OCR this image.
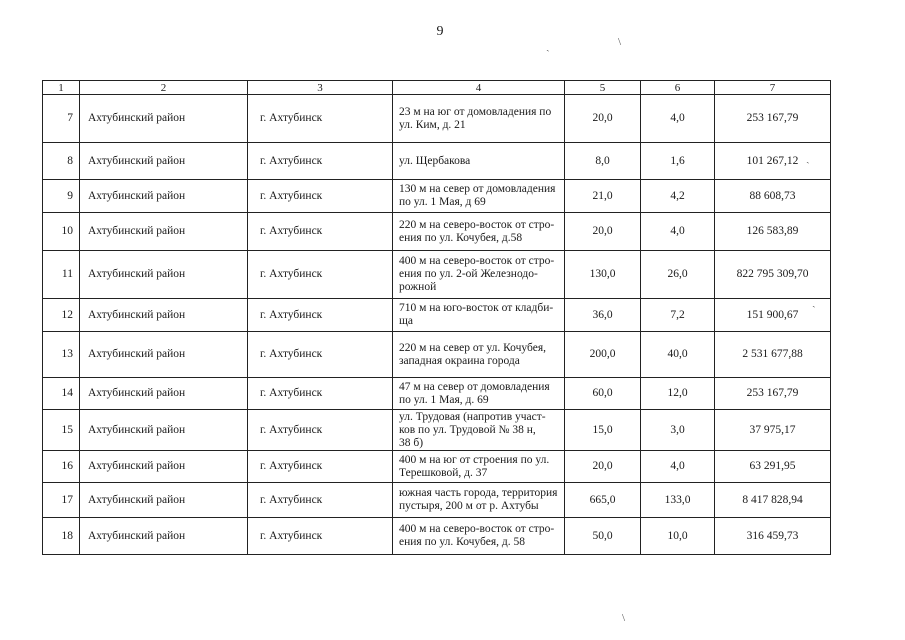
9
ˏ	\
ˏ
ˏ
\
1	2	3	4	5	6	7
7	Ахтубинский район	г. Ахтубинск	23 м на юг от домовладения по
ул. Ким, д. 21	20,0	4,0	253 167,79
8	Ахтубинский район	г. Ахтубинск	ул. Щербакова	8,0	1,6	101 267,12
9	Ахтубинский район	г. Ахтубинск	130 м на север от домовладения
по ул. 1 Мая, д 69	21,0	4,2	88 608,73
10	Ахтубинский район	г. Ахтубинск	220 м на северо-восток от стро-
ения по ул. Кочубея, д.58	20,0	4,0	126 583,89
11	Ахтубинский район	г. Ахтубинск	400 м на северо-восток от стро-
ения по ул. 2-ой Железнодо-
рожной	130,0	26,0	822 795 309,70
12	Ахтубинский район	г. Ахтубинск	710 м на юго-восток от кладби-
ща	36,0	7,2	151 900,67
13	Ахтубинский район	г. Ахтубинск	220 м на север от ул. Кочубея,
западная окраина города	200,0	40,0	2 531 677,88
14	Ахтубинский район	г. Ахтубинск	47 м на север от домовладения
по ул. 1 Мая, д. 69	60,0	12,0	253 167,79
15	Ахтубинский район	г. Ахтубинск	ул. Трудовая (напротив участ-
ков по ул. Трудовой № 38 н,
38 б)	15,0	3,0	37 975,17
16	Ахтубинский район	г. Ахтубинск	400 м на юг от строения по ул.
Терешковой, д. 37	20,0	4,0	63 291,95
17	Ахтубинский район	г. Ахтубинск	южная часть города, территория
пустыря, 200 м от р. Ахтубы	665,0	133,0	8 417 828,94
18	Ахтубинский район	г. Ахтубинск	400 м на северо-восток от стро-
ения по ул. Кочубея, д. 58	50,0	10,0	316 459,73
